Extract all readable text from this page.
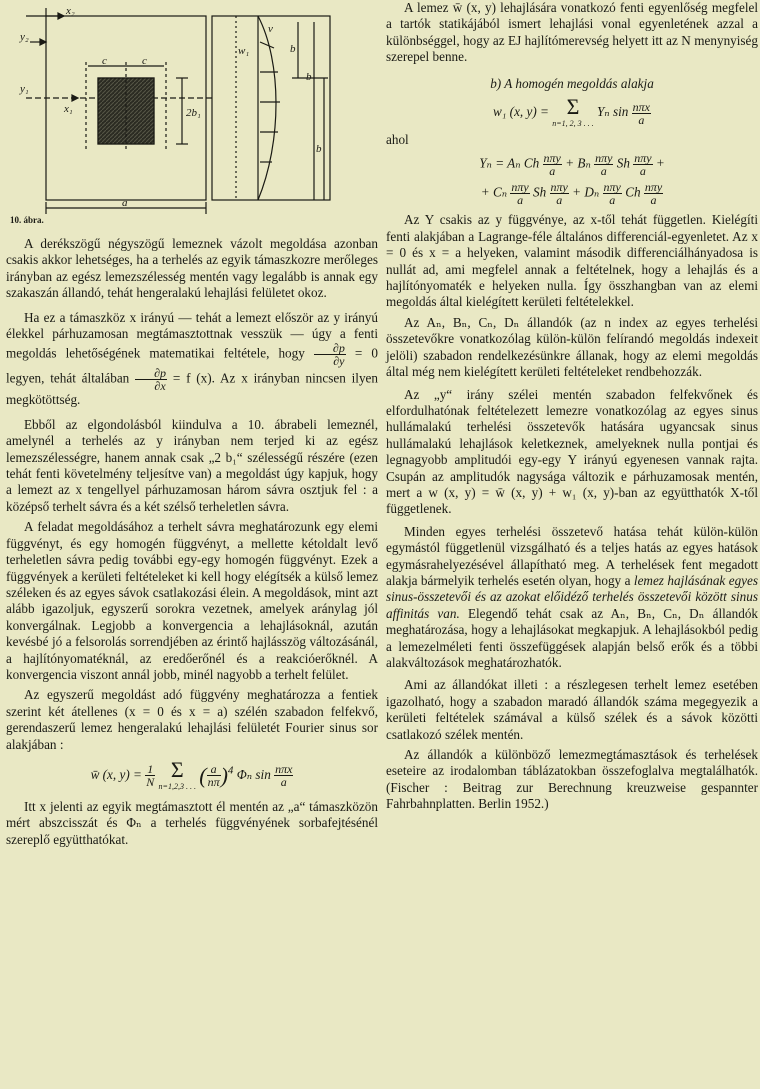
x₂
y₂
y₁
x₁
c	c
2b₁
w₁
v
b
b
b
a
10. ábra.

A derékszögű négyszögű lemeznek vázolt megoldása azonban csakis akkor lehetséges, ha a terhelés az egyik támaszkozre merőleges irányban az egész lemezszélesség mentén vagy legalább is annak egy szakaszán állandó, tehát hengeralakú lehajlási felületet okoz.

Ha ez a támaszköz x irányú — tehát a lemezt először az y irányú élekkel párhuzamosan megtámasztottnak vesszük — úgy a fenti megoldás lehetőségének matematikai feltétele, hogy $\frac{\partial p}{\partial y} = 0$ legyen, tehát általában $\frac{\partial p}{\partial x} = f$ (x). Az x irányban nincsen ilyen megkötöttség.

Ebből az elgondolásból kiindulva a 10. ábrabeli lemeznél, amelynél a terhelés az y irányban nem terjed ki az egész lemezszélességre, hanem annak csak „2 b₁“ szélességű részére (ezen tehát fenti követelmény teljesítve van) a megoldást úgy kapjuk, hogy a lemezt az x tengellyel párhuzamosan három sávra osztjuk fel : a középső terhelt sávra és a két szélső terheletlen sávra.

A feladat megoldásához a terhelt sávra meghatározunk egy elemi függvényt, és egy homogén függvényt, a mellette kétoldalt levő terheletlen sávra pedig további egy-egy homogén függvényt. Ezek a függvények a kerületi feltételeket ki kell hogy elégítsék a külső lemez széleken és az egyes sávok csatlakozási élein. A megoldások, mint azt alább igazoljuk, egyszerű sorokra vezetnek, amelyek aránylag jól konvergálnak. Legjobb a konvergencia a lehajlásoknál, azután kevésbé jó a felsorolás sorrendjében az érintő hajlásszög változásánál, a hajlítónyomatéknál, az eredőerőnél és a reakcióerőknél. A konvergencia viszont annál jobb, minél nagyobb a terhelt felület.

Az egyszerű megoldást adó függvény meghatározza a fentiek szerint két átellenes (x = 0 és x = a) szélén szabadon felfekvő, gerendaszerű lemez hengeralakú lehajlási felületét Fourier sinus sor alakjában :

w̄ (x, $y) = \frac{1}{N}$
Σ
n=1,2,3 . . . ( $\frac{a}{n\pi} )^4$ Φₙ $\sin \frac{\text{nπx}}{a}$

Itt x jelenti az egyik megtámasztott él mentén az „a“ támaszközön mért abszcisszát és Φₙ a terhelés függvényének sorbafejtésénél szereplő együtthatókat.

A lemez w̄ (x, y) lehajlására vonatkozó fenti egyenlőség megfelel a tartók statikájából ismert lehajlási vonal egyenletének azzal a különbséggel, hogy az EJ hajlítómerevség helyett itt az N menynyiség szerepel benne.

b) A homogén megoldás alakja
w₁ (x, y) = Σ
n=1, 2, 3 . . .
Yₙ $\sin \frac{\text{nπx}}{a}$

ahol

Yₙ = Aₙ Ch $\frac{\text{nπy}}{a} + B_n \frac{\text{nπy}}{a}$ Sh $\frac{\text{nπy}}{a}$ +
+ Cₙ $\frac{\text{nπy}}{a}$ Sh $\frac{\text{nπy}}{a} + D_n \frac{\text{nπy}}{a}$ Ch $\frac{\text{nπy}}{a}$

Az Y csakis az y függvénye, az x-től tehát független. Kielégíti fenti alakjában a Lagrange-féle általános differenciál-egyenletet. Az x = 0 és x = a helyeken, valamint második differenciálhányadosa is nullát ad, ami megfelel annak a feltételnek, hogy a lehajlás és a hajlítónyomaték e helyeken nulla. Így összhangban van az elemi megoldás által kielégített kerületi feltételekkel.

Az Aₙ, Bₙ, Cₙ, Dₙ állandók (az n index az egyes terhelési összetevőkre vonatkozólag külön-külön felírandó megoldás indexeit jelöli) szabadon rendelkezésünkre állanak, hogy az elemi megoldás által még nem kielégített kerületi feltételeket rendbehozzák.

Az „y“ irány szélei mentén szabadon felfekvőnek és elfordulhatónak feltételezett lemezre vonatkozólag az egyes sinus hullámalakú terhelési összetevők hatására ugyancsak sinus hullámalakú lehajlások keletkeznek, amelyeknek nulla pontjai és legnagyobb amplitudói egy-egy Y irányú egyenesen vannak rajta. Csupán az amplitudók nagysága változik e párhuzamosak mentén, mert a w (x, y) = w̄ (x, y) + w₁ (x, y)-ban az együtthatók X-től függetlenek.

Minden egyes terhelési összetevő hatása tehát külön-külön egymástól függetlenül vizsgálható és a teljes hatás az egyes hatások egymásrahelyezésével állapítható meg. A terhelések fent megadott alakja bármelyik terhelés esetén olyan, hogy a lemez hajlásának egyes sinus-összetevői és az azokat előidéző terhelés összetevői között sinus affinitás van. Elegendő tehát csak az Aₙ, Bₙ, Cₙ, Dₙ állandók meghatározása, hogy a lehajlásokat megkapjuk. A lehajlásokból pedig a lemezelméleti fenti összefüggések alapján belső erők és a többi alakváltozások meghatározhatók.

Ami az állandókat illeti : a részlegesen terhelt lemez esetében igazolható, hogy a szabadon maradó állandók száma megegyezik a kerületi feltételek számával a külső szélek és a sávok közötti csatlakozó szélek mentén.

Az állandók a különböző lemezmegtámasztások és terhelések eseteire az irodalomban táblázatokban összefoglalva megtalálhatók. (Fischer : Beitrag zur Berechnung kreuzweise gespannter Fahrbahnplatten. Berlin 1952.)
